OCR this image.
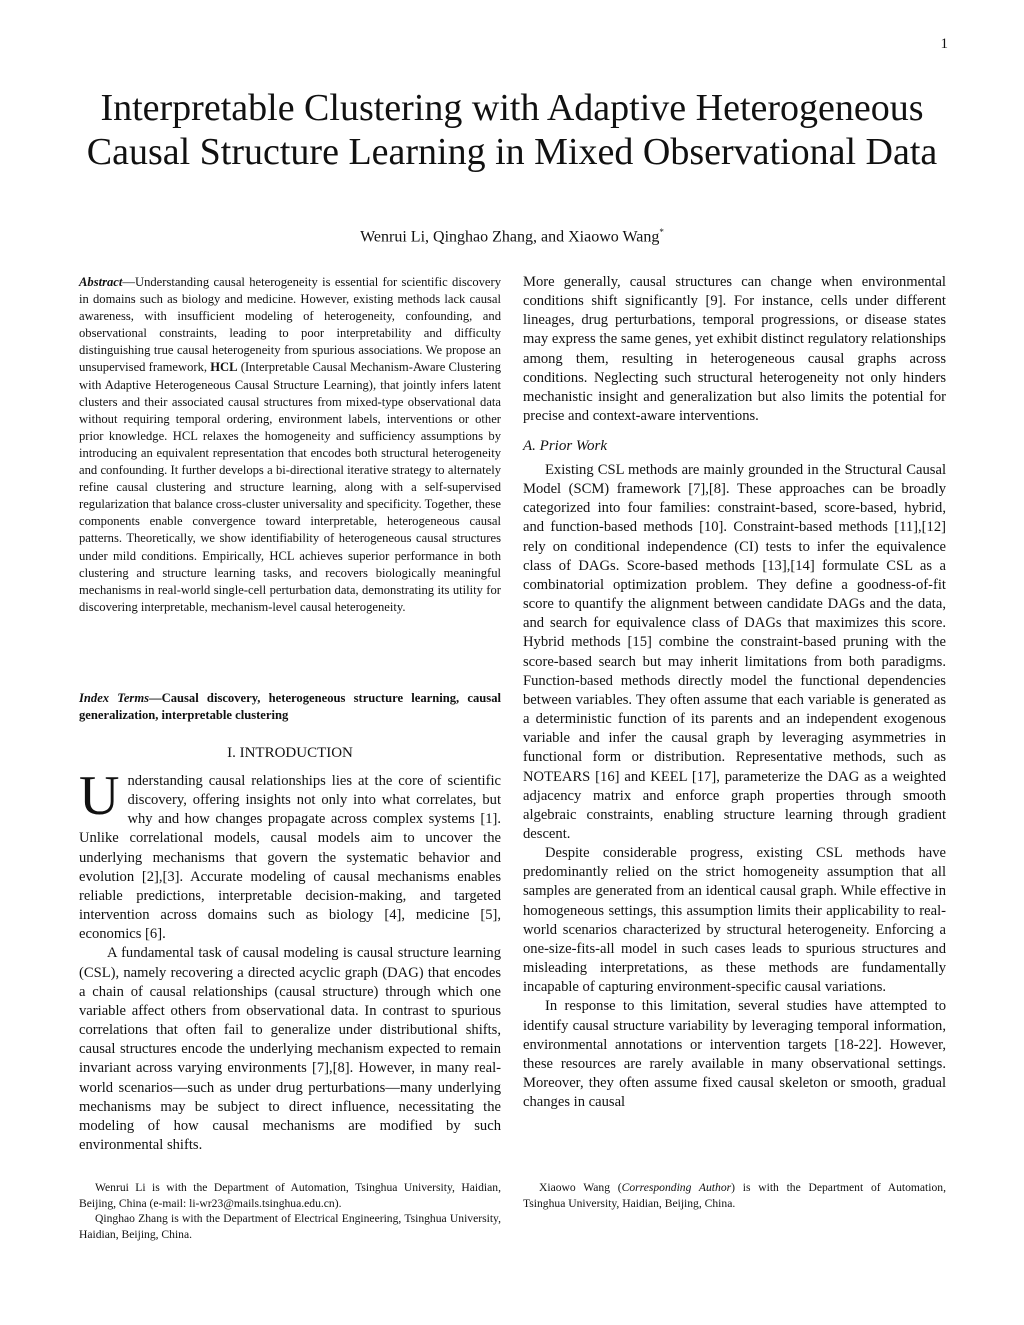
1
Interpretable Clustering with Adaptive Heterogeneous Causal Structure Learning in Mixed Observational Data
Wenrui Li, Qinghao Zhang, and Xiaowo Wang*
Abstract—Understanding causal heterogeneity is essential for scientific discovery in domains such as biology and medicine. However, existing methods lack causal awareness, with insufficient modeling of heterogeneity, confounding, and observational constraints, leading to poor interpretability and difficulty distinguishing true causal heterogeneity from spurious associations. We propose an unsupervised framework, HCL (Interpretable Causal Mechanism-Aware Clustering with Adaptive Heterogeneous Causal Structure Learning), that jointly infers latent clusters and their associated causal structures from mixed-type observational data without requiring temporal ordering, environment labels, interventions or other prior knowledge. HCL relaxes the homogeneity and sufficiency assumptions by introducing an equivalent representation that encodes both structural heterogeneity and confounding. It further develops a bi-directional iterative strategy to alternately refine causal clustering and structure learning, along with a self-supervised regularization that balance cross-cluster universality and specificity. Together, these components enable convergence toward interpretable, heterogeneous causal patterns. Theoretically, we show identifiability of heterogeneous causal structures under mild conditions. Empirically, HCL achieves superior performance in both clustering and structure learning tasks, and recovers biologically meaningful mechanisms in real-world single-cell perturbation data, demonstrating its utility for discovering interpretable, mechanism-level causal heterogeneity.
Index Terms—Causal discovery, heterogeneous structure learning, causal generalization, interpretable clustering
I. INTRODUCTION

Understanding causal relationships lies at the core of scientific discovery, offering insights not only into what correlates, but why and how changes propagate across complex systems [1]. Unlike correlational models, causal models aim to uncover the underlying mechanisms that govern the systematic behavior and evolution [2],[3]. Accurate modeling of causal mechanisms enables reliable predictions, interpretable decision-making, and targeted intervention across domains such as biology [4], medicine [5], economics [6].

A fundamental task of causal modeling is causal structure learning (CSL), namely recovering a directed acyclic graph (DAG) that encodes a chain of causal relationships (causal structure) through which one variable affect others from observational data. In contrast to spurious correlations that often fail to generalize under distributional shifts, causal structures encode the underlying mechanism expected to remain invariant across varying environments [7],[8]. However, in many real-world scenarios—such as under drug perturbations—many underlying mechanisms may be subject to direct influence, necessitating the modeling of how causal mechanisms are modified by such environmental shifts.

More generally, causal structures can change when environmental conditions shift significantly [9]. For instance, cells under different lineages, drug perturbations, temporal progressions, or disease states may express the same genes, yet exhibit distinct regulatory relationships among them, resulting in heterogeneous causal graphs across conditions. Neglecting such structural heterogeneity not only hinders mechanistic insight and generalization but also limits the potential for precise and context-aware interventions.
A. Prior Work

Existing CSL methods are mainly grounded in the Structural Causal Model (SCM) framework [7],[8]. These approaches can be broadly categorized into four families: constraint-based, score-based, hybrid, and function-based methods [10]. Constraint-based methods [11],[12] rely on conditional independence (CI) tests to infer the equivalence class of DAGs. Score-based methods [13],[14] formulate CSL as a combinatorial optimization problem. They define a goodness-of-fit score to quantify the alignment between candidate DAGs and the data, and search for equivalence class of DAGs that maximizes this score. Hybrid methods [15] combine the constraint-based pruning with the score-based search but may inherit limitations from both paradigms. Function-based methods directly model the functional dependencies between variables. They often assume that each variable is generated as a deterministic function of its parents and an independent exogenous variable and infer the causal graph by leveraging asymmetries in functional form or distribution. Representative methods, such as NOTEARS [16] and KEEL [17], parameterize the DAG as a weighted adjacency matrix and enforce graph properties through smooth algebraic constraints, enabling structure learning through gradient descent.

Despite considerable progress, existing CSL methods have predominantly relied on the strict homogeneity assumption that all samples are generated from an identical causal graph. While effective in homogeneous settings, this assumption limits their applicability to real-world scenarios characterized by structural heterogeneity. Enforcing a one-size-fits-all model in such cases leads to spurious structures and misleading interpretations, as these methods are fundamentally incapable of capturing environment-specific causal variations.

In response to this limitation, several studies have attempted to identify causal structure variability by leveraging temporal information, environmental annotations or intervention targets [18-22]. However, these resources are rarely available in many observational settings. Moreover, they often assume fixed causal skeleton or smooth, gradual changes in causal

Wenrui Li is with the Department of Automation, Tsinghua University, Haidian, Beijing, China (e-mail: li-wr23@mails.tsinghua.edu.cn).

Qinghao Zhang is with the Department of Electrical Engineering, Tsinghua University, Haidian, Beijing, China.

Xiaowo Wang (Corresponding Author) is with the Department of Automation, Tsinghua University, Haidian, Beijing, China.
